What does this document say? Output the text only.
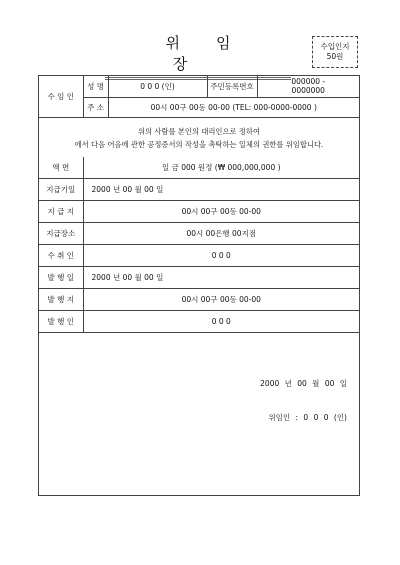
위임장
수입인지
50원
수 임 인	성 명	0 0 0 (인)	주민등록번호	000000 -
0000000

	주 소	00시 00구 00동 00-00 (TEL: 000-0000-0000 )		
위의 사람를 본인의 대리인으로 정하여
에서 다음 어음에 관한 공정증서의 작성을 촉탁하는 일체의 권한를 위임합니다.
액 면	일 금 000 원정 (₩ 000,000,000 )
지급기일	2000 년 00 월 00 일
지 급 지	00시 00구 00동 00-00
지급장소	00시 00은행 00지점
수 취 인	0 0 0
발 행 일	2000 년 00 월 00 일
발 행 지	00시 00구 00동 00-00
발 행 인	0 0 0
2000 년 00 월 00 일
위임인 : 0 0 0 (인)
